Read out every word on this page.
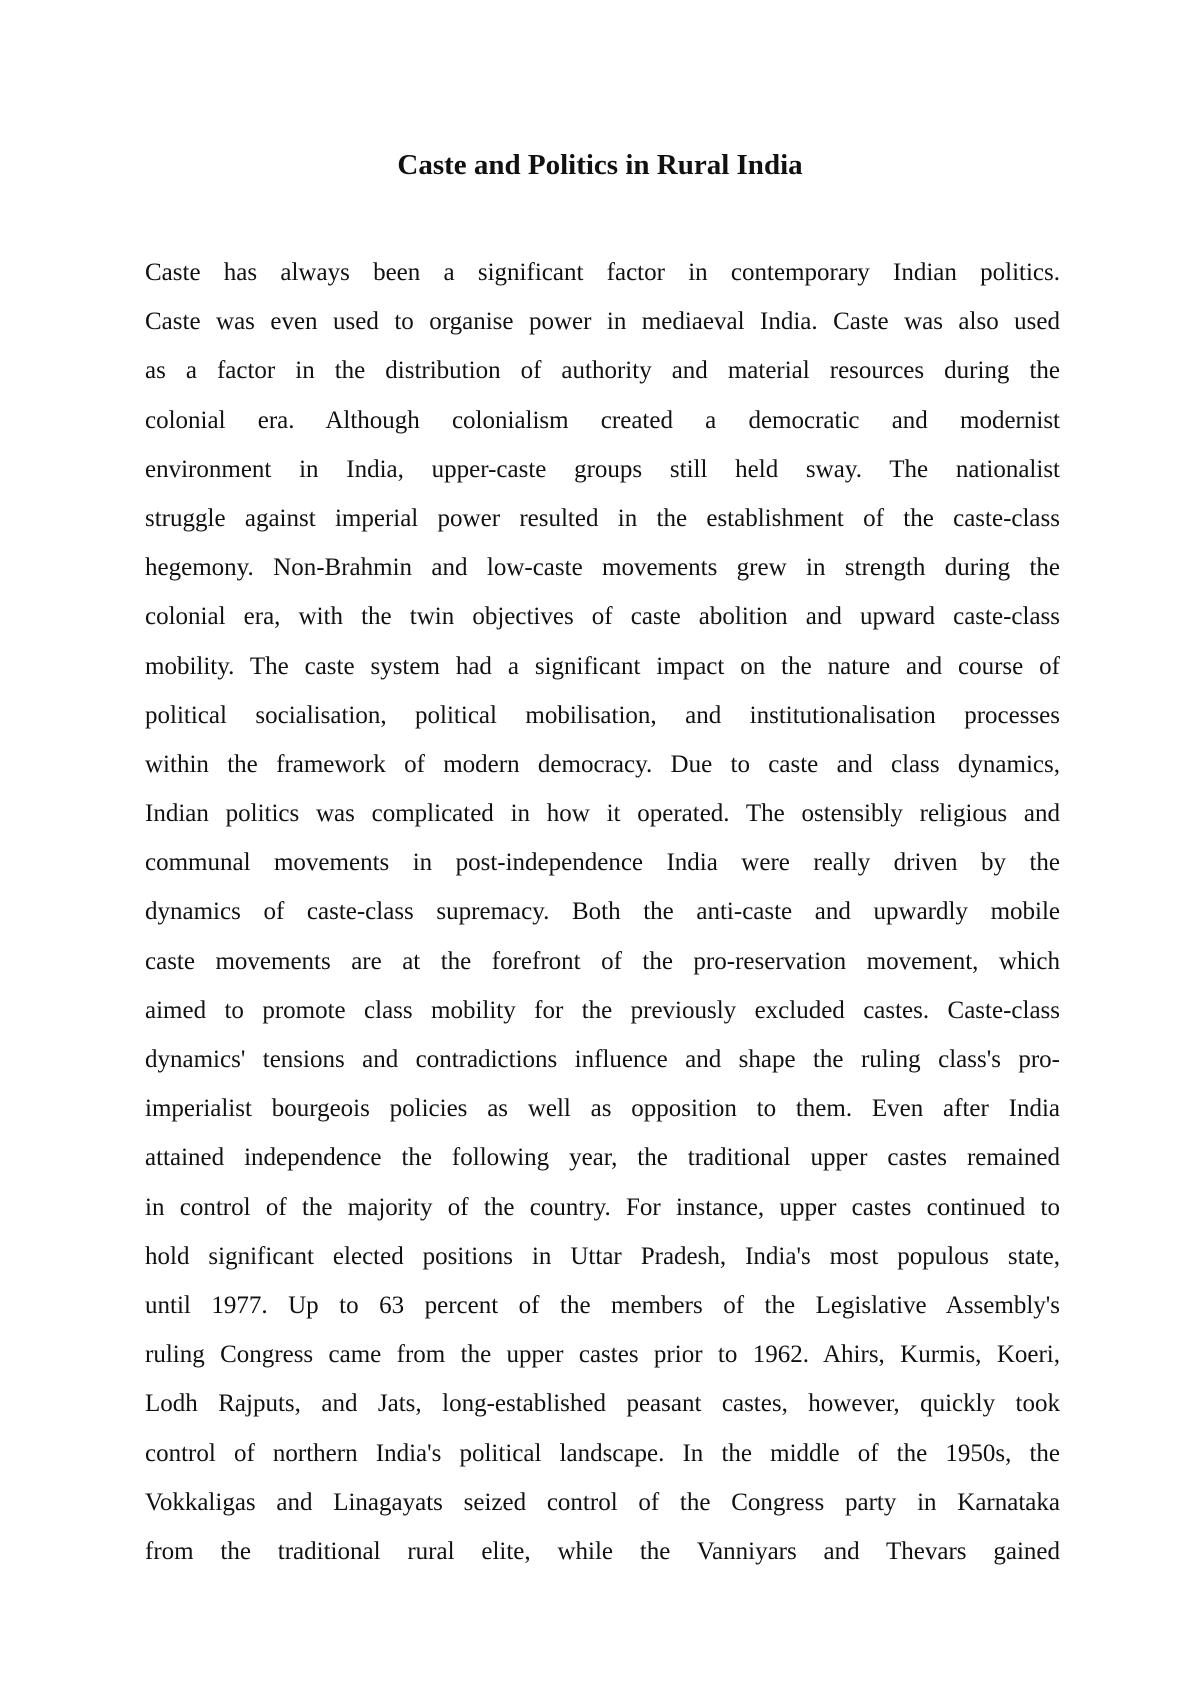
Caste and Politics in Rural India
Caste has always been a significant factor in contemporary Indian politics.
Caste was even used to organise power in mediaeval India. Caste was also used
as a factor in the distribution of authority and material resources during the
colonial era. Although colonialism created a democratic and modernist
environment in India, upper-caste groups still held sway. The nationalist
struggle against imperial power resulted in the establishment of the caste-class
hegemony. Non-Brahmin and low-caste movements grew in strength during the
colonial era, with the twin objectives of caste abolition and upward caste-class
mobility. The caste system had a significant impact on the nature and course of
political socialisation, political mobilisation, and institutionalisation processes
within the framework of modern democracy. Due to caste and class dynamics,
Indian politics was complicated in how it operated. The ostensibly religious and
communal movements in post-independence India were really driven by the
dynamics of caste-class supremacy. Both the anti-caste and upwardly mobile
caste movements are at the forefront of the pro-reservation movement, which
aimed to promote class mobility for the previously excluded castes. Caste-class
dynamics' tensions and contradictions influence and shape the ruling class's pro-
imperialist bourgeois policies as well as opposition to them. Even after India
attained independence the following year, the traditional upper castes remained
in control of the majority of the country. For instance, upper castes continued to
hold significant elected positions in Uttar Pradesh, India's most populous state,
until 1977. Up to 63 percent of the members of the Legislative Assembly's
ruling Congress came from the upper castes prior to 1962. Ahirs, Kurmis, Koeri,
Lodh Rajputs, and Jats, long-established peasant castes, however, quickly took
control of northern India's political landscape. In the middle of the 1950s, the
Vokkaligas and Linagayats seized control of the Congress party in Karnataka
from the traditional rural elite, while the Vanniyars and Thevars gained
